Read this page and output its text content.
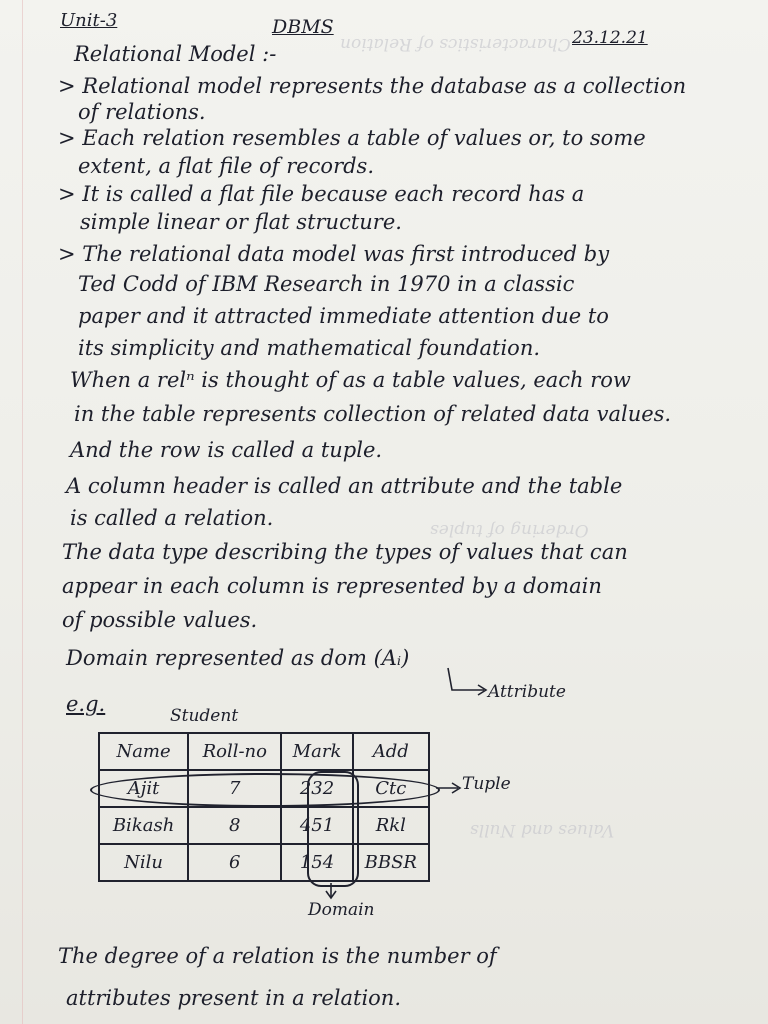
Characteristics of Relation
Ordering of tuples
Values and Nulls
Unit-3	DBMS	23.12.21
Relational Model :-
> Relational model represents the database as a collection
of relations.
> Each relation resembles a table of values or, to some
extent, a flat file of records.
> It is called a flat file because each record has a
simple linear or flat structure.
> The relational data model was first introduced by
Ted Codd of IBM Research in 1970 in a classic
paper and it attracted immediate attention due to
its simplicity and mathematical foundation.
When a relⁿ is thought of as a table values, each row
in the table represents collection of related data values.
And the row is called a tuple.
A column header is called an attribute and the table
is called a relation.
The data type describing the types of values that can
appear in each column is represented by a domain
of possible values.
Domain represented as dom (Aᵢ)
Attribute
e.g.	Student
Name	Roll-no	Mark	Add
Ajit	7	232	Ctc
Bikash	8	451	Rkl
Nilu	6	154	BBSR
Tuple
Domain
The degree of a relation is the number of
attributes present in a relation.
